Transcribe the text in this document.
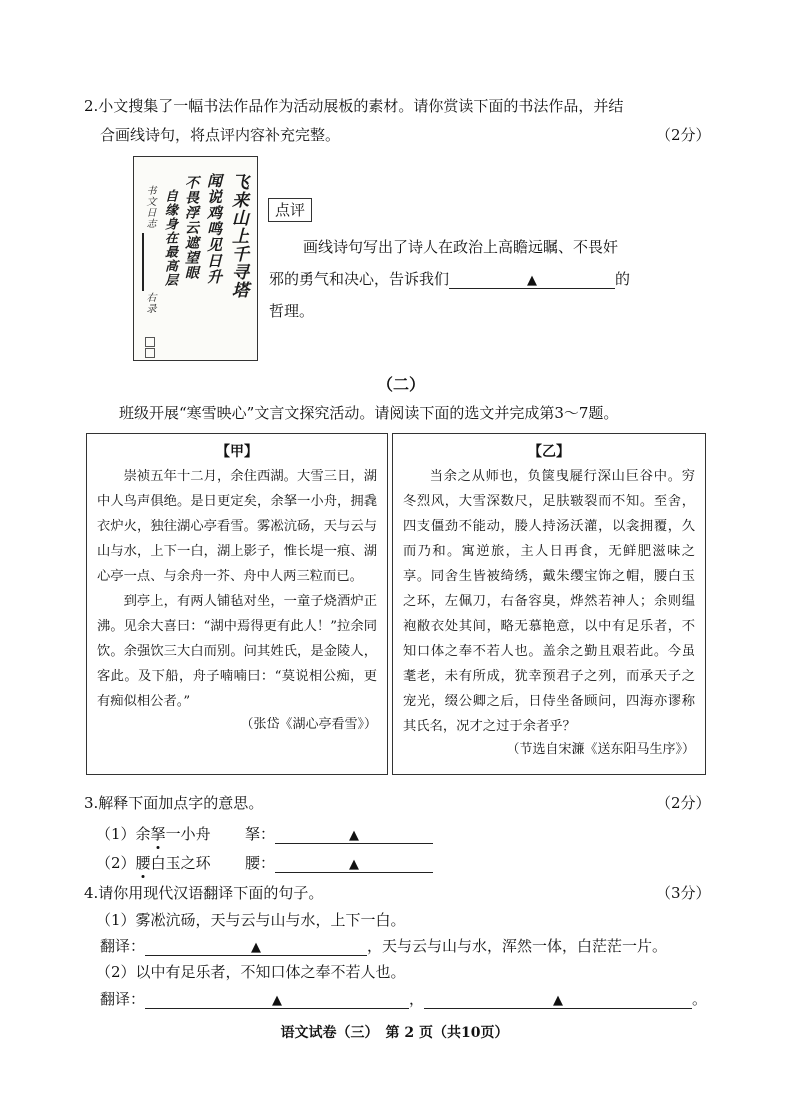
2.小文搜集了一幅书法作品作为活动展板的素材。请你赏读下面的书法作品，并结
合画线诗句，将点评内容补充完整。	（2分）
飞来山上千寻塔
闻说鸡鸣见日升
不畏浮云遮望眼
自缘身在最高层
书文日志
右录
点评
画线诗句写出了诗人在政治上高瞻远瞩、不畏奸
邪的勇气和决心，告诉我们	▲	的
哲理。
（二）
班级开展“寒雪映心”文言文探究活动。请阅读下面的选文并完成第3～7题。
【甲】
崇祯五年十二月，余住西湖。大雪三日，湖中人鸟声俱绝。是日更定矣，余拏一小舟，拥毳衣炉火，独往湖心亭看雪。雾凇沆砀，天与云与山与水，上下一白，湖上影子，惟长堤一痕、湖心亭一点、与余舟一芥、舟中人两三粒而已。
到亭上，有两人铺毡对坐，一童子烧酒炉正沸。见余大喜曰：“湖中焉得更有此人！”拉余同饮。余强饮三大白而别。问其姓氏，是金陵人，客此。及下船，舟子喃喃曰：“莫说相公痴，更有痴似相公者。”
（张岱《湖心亭看雪》）
【乙】
当余之从师也，负箧曳屣行深山巨谷中。穷冬烈风，大雪深数尺，足肤皲裂而不知。至舍，四支僵劲不能动，媵人持汤沃灌，以衾拥覆，久而乃和。寓逆旅，主人日再食，无鲜肥滋味之享。同舍生皆被绮绣，戴朱缨宝饰之帽，腰白玉之环，左佩刀，右备容臭，烨然若神人；余则缊袍敝衣处其间，略无慕艳意，以中有足乐者，不知口体之奉不若人也。盖余之勤且艰若此。今虽耄老，未有所成，犹幸预君子之列，而承天子之宠光，缀公卿之后，日侍坐备顾问，四海亦谬称其氏名，况才之过于余者乎？
（节选自宋濂《送东阳马生序》）
3.解释下面加点字的意思。	（2分）
（1）余拏一小舟 拏：	▲
（2）腰白玉之环 腰：	▲
4.请你用现代汉语翻译下面的句子。	（3分）
（1）雾凇沆砀，天与云与山与水，上下一白。
翻译：	▲	，天与云与山与水，浑然一体，白茫茫一片。
（2）以中有足乐者，不知口体之奉不若人也。
翻译：	▲	，	▲	。
语文试卷（三）　第 2 页（共10页）
